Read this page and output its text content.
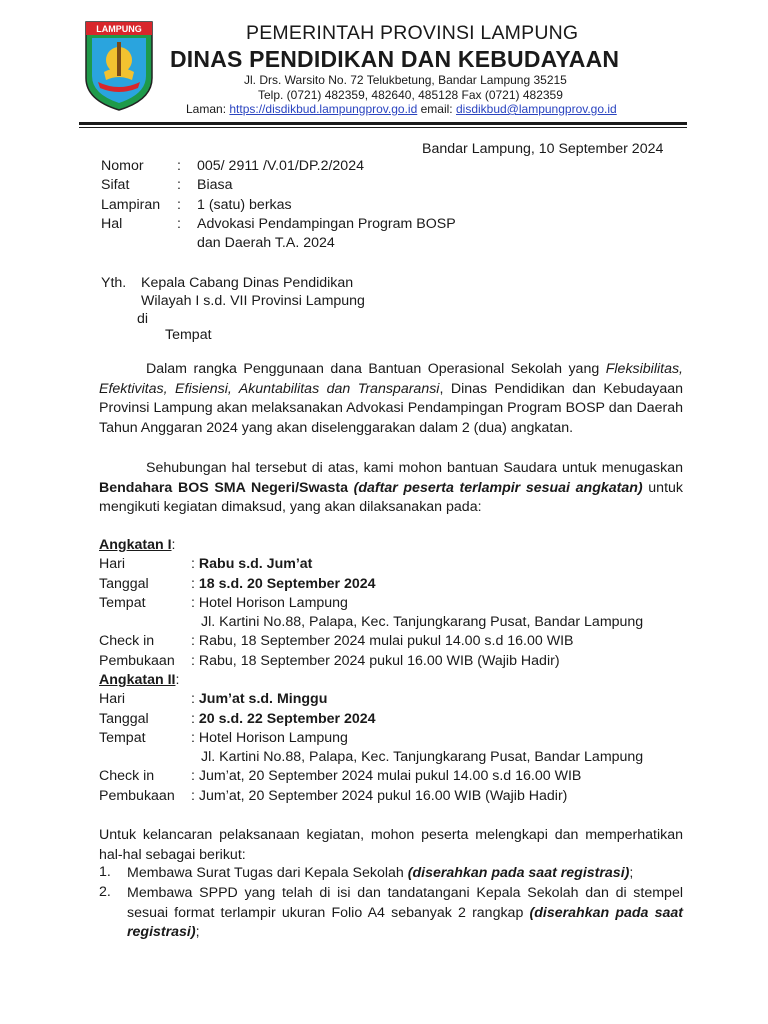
LAMPUNG	PEMERINTAH PROVINSI LAMPUNG
DINAS PENDIDIKAN DAN KEBUDAYAAN
Jl. Drs. Warsito No. 72 Telukbetung, Bandar Lampung 35215
Telp. (0721) 482359, 482640, 485128 Fax (0721) 482359
Laman: https://disdikbud.lampungprov.go.id email: disdikbud@lampungprov.go.id
Bandar Lampung, 10 September 2024
Nomor : 005/ 2911 /V.01/DP.2/2024
Sifat	: Biasa
Lampiran : 1 (satu) berkas
Hal	: Advokasi Pendampingan Program BOSP
dan Daerah T.A. 2024
Yth. Kepala Cabang Dinas Pendidikan
Wilayah I s.d. VII Provinsi Lampung
di
Tempat
Dalam rangka Penggunaan dana Bantuan Operasional Sekolah yang Fleksibilitas, Efektivitas, Efisiensi, Akuntabilitas dan Transparansi, Dinas Pendidikan dan Kebudayaan Provinsi Lampung akan melaksanakan Advokasi Pendampingan Program BOSP dan Daerah Tahun Anggaran 2024 yang akan diselenggarakan dalam 2 (dua) angkatan.
Sehubungan hal tersebut di atas, kami mohon bantuan Saudara untuk menugaskan Bendahara BOS SMA Negeri/Swasta (daftar peserta terlampir sesuai angkatan) untuk mengikuti kegiatan dimaksud, yang akan dilaksanakan pada:
Angkatan I:
Hari	: Rabu s.d. Jum’at
Tanggal	: 18 s.d. 20 September 2024
Tempat	: Hotel Horison Lampung
Jl. Kartini No.88, Palapa, Kec. Tanjungkarang Pusat, Bandar Lampung
Check in	: Rabu, 18 September 2024 mulai pukul 14.00 s.d 16.00 WIB
Pembukaan : Rabu, 18 September 2024 pukul 16.00 WIB (Wajib Hadir)
Angkatan II:
Hari	: Jum’at s.d. Minggu
Tanggal	: 20 s.d. 22 September 2024
Tempat	: Hotel Horison Lampung
Jl. Kartini No.88, Palapa, Kec. Tanjungkarang Pusat, Bandar Lampung
Check in	: Jum’at, 20 September 2024 mulai pukul 14.00 s.d 16.00 WIB
Pembukaan : Jum’at, 20 September 2024 pukul 16.00 WIB (Wajib Hadir)
Untuk kelancaran pelaksanaan kegiatan, mohon peserta melengkapi dan memperhatikan hal-hal sebagai berikut:
1. Membawa Surat Tugas dari Kepala Sekolah (diserahkan pada saat registrasi);
2. Membawa SPPD yang telah di isi dan tandatangani Kepala Sekolah dan di stempel sesuai format terlampir ukuran Folio A4 sebanyak 2 rangkap (diserahkan pada saat registrasi);
